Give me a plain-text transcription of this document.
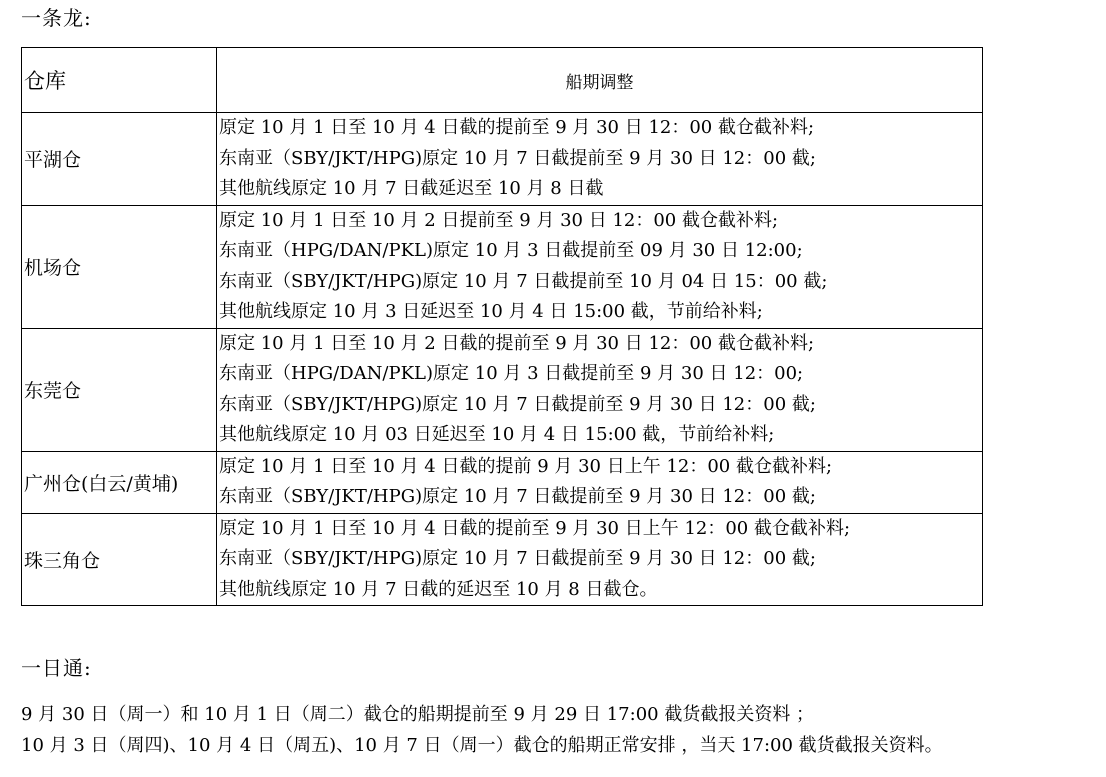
一条龙:
仓库	船期调整
平湖仓	原定 10 月 1 日至 10 月 4 日截的提前至 9 月 30 日 12：00 截仓截补料;
东南亚（SBY/JKT/HPG)原定 10 月 7 日截提前至 9 月 30 日 12：00 截;
其他航线原定 10 月 7 日截延迟至 10 月 8 日截

机场仓	原定 10 月 1 日至 10 月 2 日提前至 9 月 30 日 12：00 截仓截补料;
东南亚（HPG/DAN/PKL)原定 10 月 3 日截提前至 09 月 30 日 12:00;
东南亚（SBY/JKT/HPG)原定 10 月 7 日截提前至 10 月 04 日 15：00 截;
其他航线原定 10 月 3 日延迟至 10 月 4 日 15:00 截，节前给补料;

东莞仓	原定 10 月 1 日至 10 月 2 日截的提前至 9 月 30 日 12：00 截仓截补料;
东南亚（HPG/DAN/PKL)原定 10 月 3 日截提前至 9 月 30 日 12：00;
东南亚（SBY/JKT/HPG)原定 10 月 7 日截提前至 9 月 30 日 12：00 截;
其他航线原定 10 月 03 日延迟至 10 月 4 日 15:00 截，节前给补料;

广州仓(白云/黄埔)	原定 10 月 1 日至 10 月 4 日截的提前 9 月 30 日上午 12：00 截仓截补料;
东南亚（SBY/JKT/HPG)原定 10 月 7 日截提前至 9 月 30 日 12：00 截;

珠三角仓	原定 10 月 1 日至 10 月 4 日截的提前至 9 月 30 日上午 12：00 截仓截补料;
东南亚（SBY/JKT/HPG)原定 10 月 7 日截提前至 9 月 30 日 12：00 截;
其他航线原定 10 月 7 日截的延迟至 10 月 8 日截仓。
一日通:
9 月 30 日（周一）和 10 月 1 日（周二）截仓的船期提前至 9 月 29 日 17:00 截货截报关资料 ；
10 月 3 日（周四)、10 月 4 日（周五)、10 月 7 日（周一）截仓的船期正常安排 ，当天 17:00 截货截报关资料。
